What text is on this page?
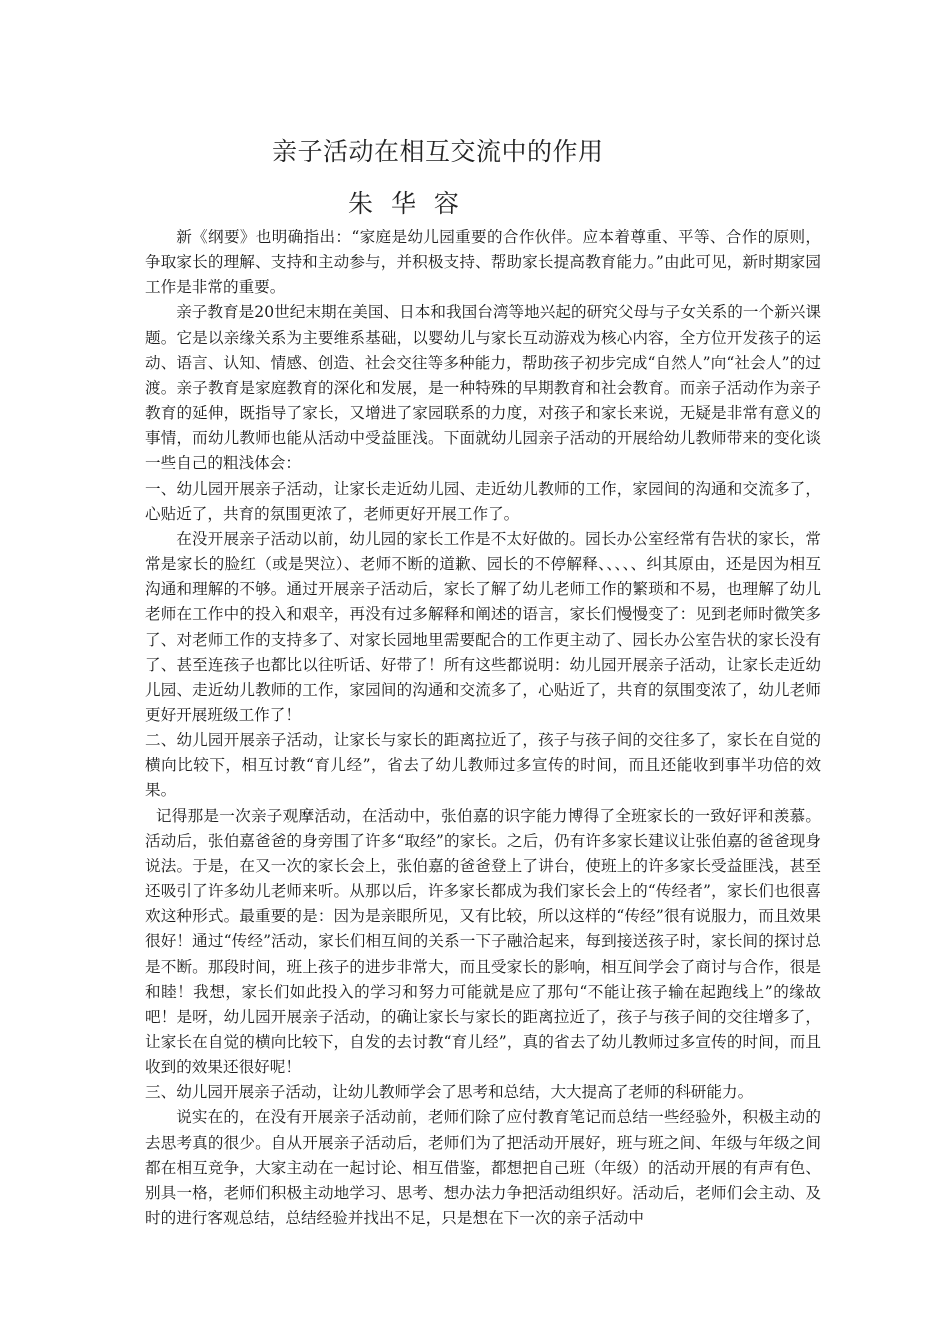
亲子活动在相互交流中的作用
朱 华 容

新《纲要》也明确指出：“家庭是幼儿园重要的合作伙伴。应本着尊重、平等、合作的原则，争取家长的理解、支持和主动参与，并积极支持、帮助家长提高教育能力。”由此可见，新时期家园工作是非常的重要。

亲子教育是20世纪末期在美国、日本和我国台湾等地兴起的研究父母与子女关系的一个新兴课题。它是以亲缘关系为主要维系基础，以婴幼儿与家长互动游戏为核心内容，全方位开发孩子的运动、语言、认知、情感、创造、社会交往等多种能力，帮助孩子初步完成“自然人”向“社会人”的过渡。亲子教育是家庭教育的深化和发展，是一种特殊的早期教育和社会教育。而亲子活动作为亲子教育的延伸，既指导了家长，又增进了家园联系的力度，对孩子和家长来说，无疑是非常有意义的事情，而幼儿教师也能从活动中受益匪浅。下面就幼儿园亲子活动的开展给幼儿教师带来的变化谈一些自己的粗浅体会：

一、幼儿园开展亲子活动，让家长走近幼儿园、走近幼儿教师的工作，家园间的沟通和交流多了，心贴近了，共育的氛围更浓了，老师更好开展工作了。

在没开展亲子活动以前，幼儿园的家长工作是不太好做的。园长办公室经常有告状的家长，常常是家长的脸红（或是哭泣）、老师不断的道歉、园长的不停解释、、、、、纠其原由，还是因为相互沟通和理解的不够。通过开展亲子活动后，家长了解了幼儿老师工作的繁琐和不易，也理解了幼儿老师在工作中的投入和艰辛，再没有过多解释和阐述的语言，家长们慢慢变了：见到老师时微笑多了、对老师工作的支持多了、对家长园地里需要配合的工作更主动了、园长办公室告状的家长没有了、甚至连孩子也都比以往听话、好带了！所有这些都说明：幼儿园开展亲子活动，让家长走近幼儿园、走近幼儿教师的工作，家园间的沟通和交流多了，心贴近了，共育的氛围变浓了，幼儿老师更好开展班级工作了！

二、幼儿园开展亲子活动，让家长与家长的距离拉近了，孩子与孩子间的交往多了，家长在自觉的横向比较下，相互讨教“育儿经”，省去了幼儿教师过多宣传的时间，而且还能收到事半功倍的效果。

记得那是一次亲子观摩活动，在活动中，张伯嘉的识字能力博得了全班家长的一致好评和羡慕。活动后，张伯嘉爸爸的身旁围了许多“取经”的家长。之后，仍有许多家长建议让张伯嘉的爸爸现身说法。于是，在又一次的家长会上，张伯嘉的爸爸登上了讲台，使班上的许多家长受益匪浅，甚至还吸引了许多幼儿老师来听。从那以后，许多家长都成为我们家长会上的“传经者”，家长们也很喜欢这种形式。最重要的是：因为是亲眼所见，又有比较，所以这样的“传经”很有说服力，而且效果很好！通过“传经”活动，家长们相互间的关系一下子融洽起来，每到接送孩子时，家长间的探讨总是不断。那段时间，班上孩子的进步非常大，而且受家长的影响，相互间学会了商讨与合作，很是和睦！我想，家长们如此投入的学习和努力可能就是应了那句“不能让孩子输在起跑线上”的缘故吧！是呀，幼儿园开展亲子活动，的确让家长与家长的距离拉近了，孩子与孩子间的交往增多了，让家长在自觉的横向比较下，自发的去讨教“育儿经”，真的省去了幼儿教师过多宣传的时间，而且收到的效果还很好呢！

三、幼儿园开展亲子活动，让幼儿教师学会了思考和总结，大大提高了老师的科研能力。

说实在的，在没有开展亲子活动前，老师们除了应付教育笔记而总结一些经验外，积极主动的去思考真的很少。自从开展亲子活动后，老师们为了把活动开展好，班与班之间、年级与年级之间都在相互竞争，大家主动在一起讨论、相互借鉴，都想把自己班（年级）的活动开展的有声有色、别具一格，老师们积极主动地学习、思考、想办法力争把活动组织好。活动后，老师们会主动、及时的进行客观总结，总结经验并找出不足，只是想在下一次的亲子活动中
